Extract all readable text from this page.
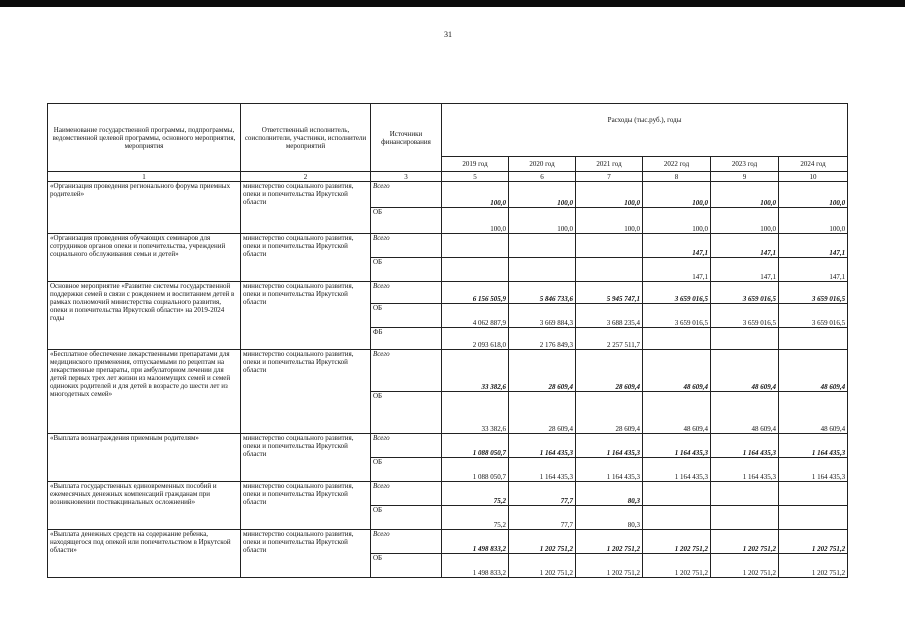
31
Наименование государственной программы, подпрограммы, ведомственной целевой программы, основного мероприятия, мероприятия	Ответственный исполнитель, соисполнители, участники, исполнители мероприятий	Источники финансирования	Расходы (тыс.руб.), годы					
			2019 год	2020 год	2021 год	2022 год	2023 год	2024 год
1	2	3	5	6	7	8	9	10
«Организация проведения регионального форума приемных родителей»	министерство социального развития, опеки и попечительства Иркутской области	Всего	100,0	100,0	100,0	100,0	100,0	100,0
		ОБ	100,0	100,0	100,0	100,0	100,0	100,0
«Организация проведения обучающих семинаров для сотрудников органов опеки и попечительства, учреждений социального обслуживания семьи и детей»	министерство социального развития, опеки и попечительства Иркутской области	Всего				147,1	147,1	147,1
		ОБ				147,1	147,1	147,1
Основное мероприятие «Развитие системы государственной поддержки семей в связи с рождением и воспитанием детей в рамках полномочий министерства социального развития, опеки и попечительства Иркутской области» на 2019-2024 годы	министерство социального развития, опеки и попечительства Иркутской области	Всего	6 156 505,9	5 846 733,6	5 945 747,1	3 659 016,5	3 659 016,5	3 659 016,5
		ОБ	4 062 887,9	3 669 884,3	3 688 235,4	3 659 016,5	3 659 016,5	3 659 016,5
		ФБ	2 093 618,0	2 176 849,3	2 257 511,7			
«Бесплатное обеспечение лекарственными препаратами для медицинского применения, отпускаемыми по рецептам на лекарственные препараты, при амбулаторном лечении для детей первых трех лет жизни из малоимущих семей и семей одиноких родителей и для детей в возрасте до шести лет из многодетных семей»	министерство социального развития, опеки и попечительства Иркутской области	Всего	33 382,6	28 609,4	28 609,4	48 609,4	48 609,4	48 609,4
		ОБ	33 382,6	28 609,4	28 609,4	48 609,4	48 609,4	48 609,4
«Выплата вознаграждения приемным родителям»	министерство социального развития, опеки и попечительства Иркутской области	Всего	1 088 050,7	1 164 435,3	1 164 435,3	1 164 435,3	1 164 435,3	1 164 435,3
		ОБ	1 088 050,7	1 164 435,3	1 164 435,3	1 164 435,3	1 164 435,3	1 164 435,3
«Выплата государственных единовременных пособий и ежемесячных денежных компенсаций гражданам при возникновении поствакцинальных осложнений»	министерство социального развития, опеки и попечительства Иркутской области	Всего	75,2	77,7	80,3			
		ОБ	75,2	77,7	80,3			
«Выплата денежных средств на содержание ребенка, находящегося под опекой или попечительством в Иркутской области»	министерство социального развития, опеки и попечительства Иркутской области	Всего	1 498 833,2	1 202 751,2	1 202 751,2	1 202 751,2	1 202 751,2	1 202 751,2
		ОБ	1 498 833,2	1 202 751,2	1 202 751,2	1 202 751,2	1 202 751,2	1 202 751,2
